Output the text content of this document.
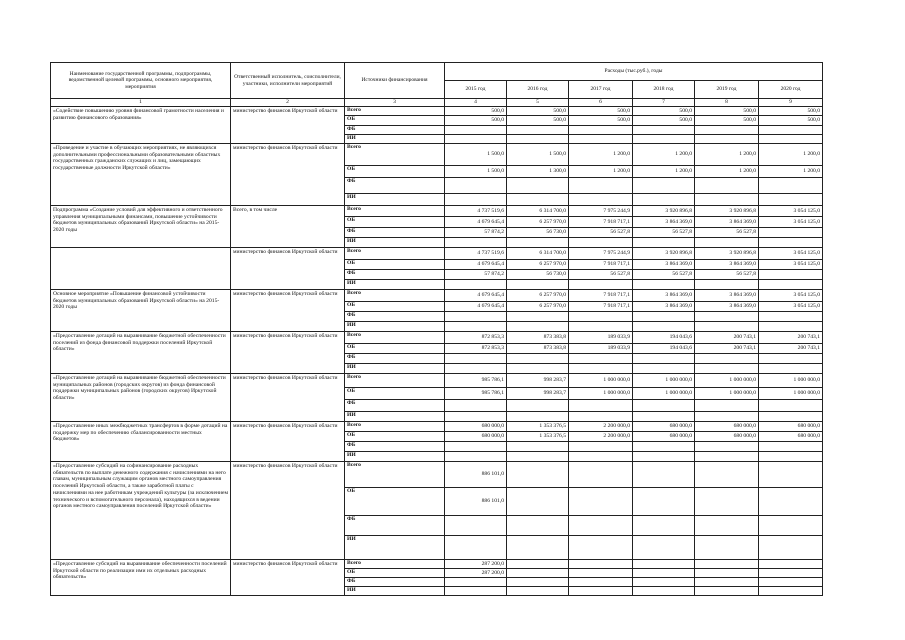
Наименование государственной программы, подпрограммы, ведомственной целевой программы, основного мероприятия, мероприятия	Ответственный исполнитель, соисполнители, участники, исполнители мероприятий	Источники финансирования	Расходы (тыс.руб.), годы					
			2015 год	2016 год	2017 год	2018 год	2019 год	2020 год
1	2	3	4	5	6	7	8	9
«Содействие повышению уровня финансовой грамотности населения и развитию финансового образования»	министерство финансов Иркутской области	Всего	500,0	500,0	500,0	500,0	500,0	500,0
		ОБ	500,0	500,0	500,0	500,0	500,0	500,0
		ФБ						
		ИИ						
«Проведение и участие в обучающих мероприятиях, не являющихся дополнительными профессиональными образовательными областных государственных гражданских служащих и лиц, замещающих государственные должности Иркутской области»	министерство финансов Иркутской области	Всего	1 500,0	1 500,0	1 200,0	1 200,0	1 200,0	1 200,0
		ОБ	1 500,0	1 300,0	1 200,0	1 200,0	1 200,0	1 200,0
		ФБ						
		ИИ						
Подпрограмма «Создание условий для эффективного и ответственного управления муниципальными финансами, повышение устойчивости бюджетов муниципальных образований Иркутской области» на 2015-2020 годы	Всего, в том числе	Всего	4 737 519,6	6 314 700,0	7 975 244,9	3 920 896,8	3 920 896,8	3 054 125,0
		ОБ	4 679 645,4	6 257 970,0	7 918 717,1	3 864 369,0	3 864 369,0	3 054 125,0
		ФБ	57 874,2	56 730,0	56 527,8	56 527,8	56 527,8	
		ИИ						
	министерство финансов Иркутской области	Всего	4 737 519,6	6 314 700,0	7 975 244,9	3 920 896,8	3 920 896,8	3 054 125,0
		ОБ	4 679 645,4	6 257 970,0	7 918 717,1	3 864 369,0	3 864 369,0	3 054 125,0
		ФБ	57 874,2	56 730,0	56 527,8	56 527,8	56 527,8	
		ИИ						
Основное мероприятие «Повышение финансовой устойчивости бюджетов муниципальных образований Иркутской области» на 2015-2020 годы	министерство финансов Иркутской области	Всего	4 679 645,4	6 257 970,0	7 918 717,1	3 864 369,0	3 864 369,0	3 054 125,0
		ОБ	4 679 645,4	6 257 970,0	7 918 717,1	3 864 369,0	3 864 369,0	3 054 125,0
		ФБ						
		ИИ						
«Предоставление дотаций на выравнивание бюджетной обеспеченности поселений из фонда финансовой поддержки поселений Иркутской области»	министерство финансов Иркутской области	Всего	872 853,3	873 383,8	189 033,9	194 043,6	200 743,1	200 743,1
		ОБ	872 853,3	873 383,8	189 033,9	194 043,6	200 743,1	200 743,1
		ФБ						
		ИИ						
«Предоставление дотаций на выравнивание бюджетной обеспеченности муниципальных районов (городских округов) из фонда финансовой поддержки муниципальных районов (городских округов) Иркутской области»	министерство финансов Иркутской области	Всего	985 786,1	998 283,7	1 000 000,0	1 000 000,0	1 000 000,0	1 000 000,0
		ОБ	985 786,1	998 283,7	1 000 000,0	1 000 000,0	1 000 000,0	1 000 000,0
		ФБ						
		ИИ						
«Предоставление иных межбюджетных трансфертов в форме дотаций на поддержку мер по обеспечению сбалансированности местных бюджетов»	министерство финансов Иркутской области	Всего	680 000,0	1 353 376,5	2 200 000,0	680 000,0	680 000,0	680 000,0
		ОБ	680 000,0	1 353 376,5	2 200 000,0	680 000,0	680 000,0	680 000,0
		ФБ						
		ИИ						
«Предоставление субсидий на софинансирование расходных обязательств по выплате денежного содержания с начислениями на него главам, муниципальным служащим органов местного самоуправления поселений Иркутской области, а также заработной платы с начислениями на нее работникам учреждений культуры (за исключением технического и вспомогательного персонала), находящихся в ведении органов местного самоуправления поселений Иркутской области»	министерство финансов Иркутской области	Всего	886 101,0					
		ОБ	886 101,0					
		ФБ						
		ИИ						
«Предоставление субсидий на выравнивание обеспеченности поселений Иркутской области по реализации ими их отдельных расходных обязательств»	министерство финансов Иркутской области	Всего	287 200,0					
		ОБ	287 200,0					
		ФБ						
		ИИ						
